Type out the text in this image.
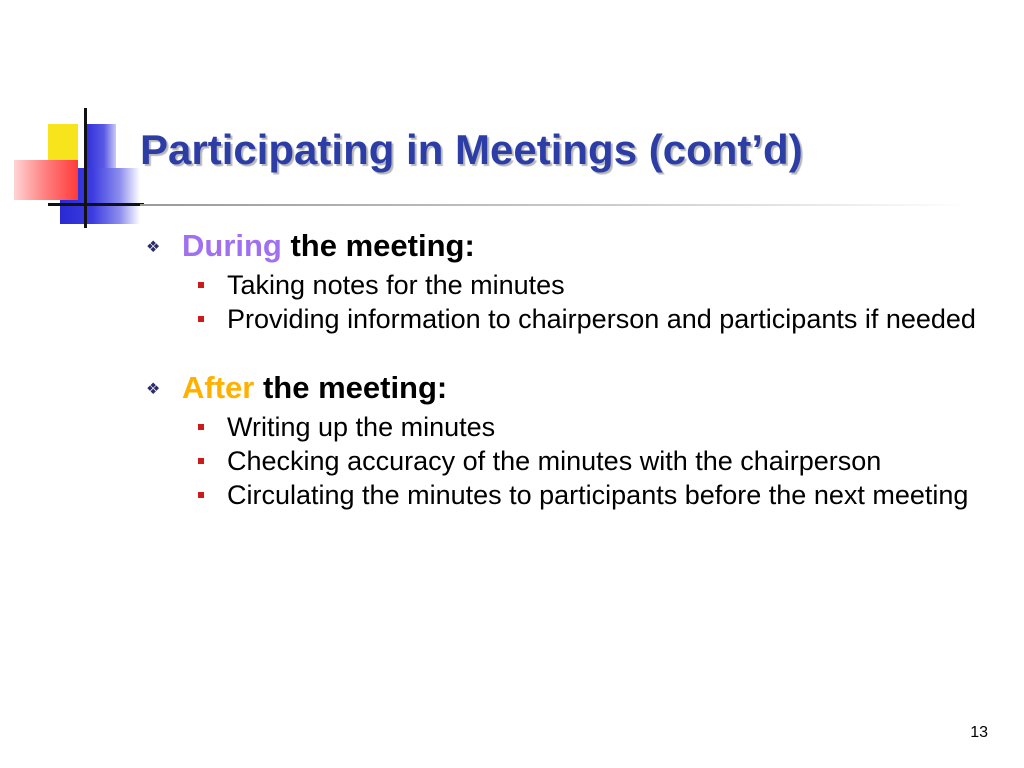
Participating in Meetings (cont’d)

❖ During the meeting:

Taking notes for the minutes

Providing information to chairperson and participants if needed

❖ After the meeting:

Writing up the minutes

Checking accuracy of the minutes with the chairperson

Circulating the minutes to participants before the next meeting

13
